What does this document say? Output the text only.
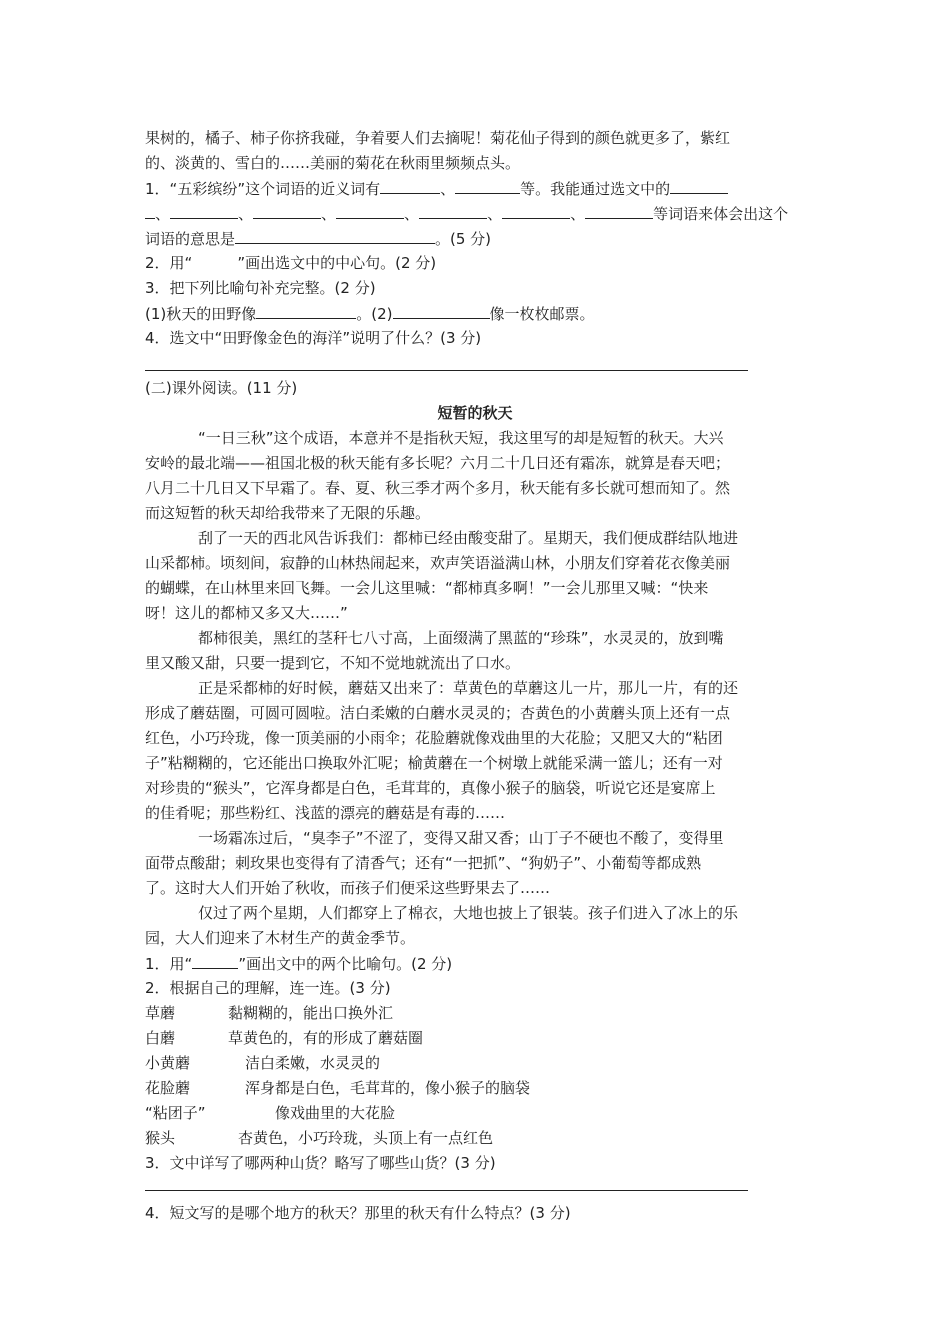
果树的，橘子、柿子你挤我碰，争着要人们去摘呢！菊花仙子得到的颜色就更多了，紫红
的、淡黄的、雪白的……美丽的菊花在秋雨里频频点头。
1．“五彩缤纷”这个词语的近义词有	、	等。我能通过选文中的
、	、	、	、	、	、	等词语来体会出这个
词语的意思是	。(5 分)
2．用“　　　”画出选文中的中心句。(2 分)
3．把下列比喻句补充完整。(2 分)
(1)秋天的田野像	。(2)	像一枚枚邮票。
4．选文中“田野像金色的海洋”说明了什么？(3 分)
(二)课外阅读。(11 分)
短暂的秋天
“一日三秋”这个成语，本意并不是指秋天短，我这里写的却是短暂的秋天。大兴
安岭的最北端——祖国北极的秋天能有多长呢？六月二十几日还有霜冻，就算是春天吧；
八月二十几日又下早霜了。春、夏、秋三季才两个多月，秋天能有多长就可想而知了。然
而这短暂的秋天却给我带来了无限的乐趣。
刮了一天的西北风告诉我们：都柿已经由酸变甜了。星期天，我们便成群结队地进
山采都柿。顷刻间，寂静的山林热闹起来，欢声笑语溢满山林，小朋友们穿着花衣像美丽
的蝴蝶，在山林里来回飞舞。一会儿这里喊：“都柿真多啊！”一会儿那里又喊：“快来
呀！这儿的都柿又多又大……”
都柿很美，黑红的茎秆七八寸高，上面缀满了黑蓝的“珍珠”，水灵灵的，放到嘴
里又酸又甜，只要一提到它，不知不觉地就流出了口水。
正是采都柿的好时候，蘑菇又出来了：草黄色的草蘑这儿一片，那儿一片，有的还
形成了蘑菇圈，可圆可圆啦。洁白柔嫩的白蘑水灵灵的；杏黄色的小黄蘑头顶上还有一点
红色，小巧玲珑，像一顶美丽的小雨伞；花脸蘑就像戏曲里的大花脸；又肥又大的“粘团
子”粘糊糊的，它还能出口换取外汇呢；榆黄蘑在一个树墩上就能采满一篮儿；还有一对
对珍贵的“猴头”，它浑身都是白色，毛茸茸的，真像小猴子的脑袋，听说它还是宴席上
的佳肴呢；那些粉红、浅蓝的漂亮的蘑菇是有毒的……
一场霜冻过后，“臭李子”不涩了，变得又甜又香；山丁子不硬也不酸了，变得里
面带点酸甜；刺玫果也变得有了清香气；还有“一把抓”、“狗奶子”、小葡萄等都成熟
了。这时大人们开始了秋收，而孩子们便采这些野果去了……
仅过了两个星期，人们都穿上了棉衣，大地也披上了银装。孩子们进入了冰上的乐
园，大人们迎来了木材生产的黄金季节。
1．用“	”画出文中的两个比喻句。(2 分)
2．根据自己的理解，连一连。(3 分)
草蘑	黏糊糊的，能出口换外汇
白蘑	草黄色的，有的形成了蘑菇圈
小黄蘑	洁白柔嫩，水灵灵的
花脸蘑	浑身都是白色，毛茸茸的，像小猴子的脑袋
“粘团子”	像戏曲里的大花脸
猴头	杏黄色，小巧玲珑，头顶上有一点红色
3．文中详写了哪两种山货？略写了哪些山货？(3 分)
4．短文写的是哪个地方的秋天？那里的秋天有什么特点？(3 分)
